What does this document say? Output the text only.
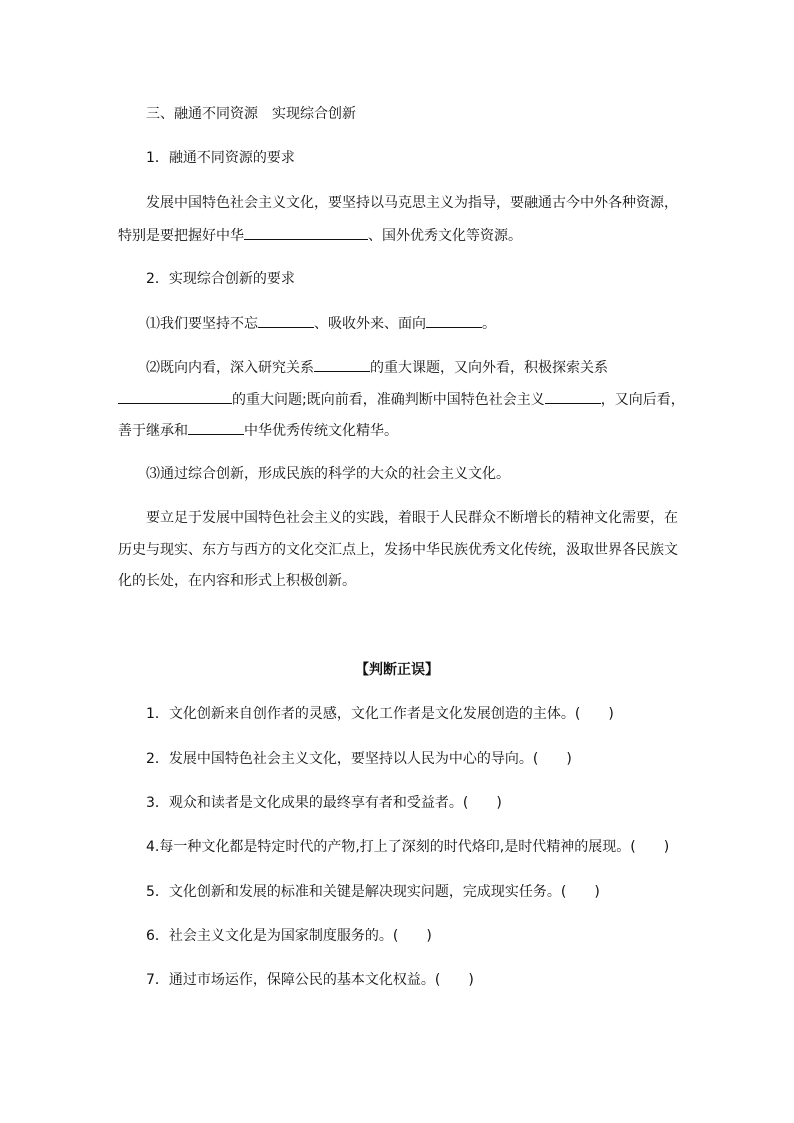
三、融通不同资源　实现综合创新
1．融通不同资源的要求
发展中国特色社会主义文化，要坚持以马克思主义为指导，要融通古今中外各种资源，
特别是要把握好中华	、国外优秀文化等资源。
2．实现综合创新的要求
⑴我们要坚持不忘	、吸收外来、面向	。
⑵既向内看，深入研究关系	的重大课题，又向外看，积极探索关系
的重大问题;既向前看，准确判断中国特色社会主义	，又向后看，
善于继承和	中华优秀传统文化精华。
⑶通过综合创新，形成民族的科学的大众的社会主义文化。
要立足于发展中国特色社会主义的实践，着眼于人民群众不断增长的精神文化需要，在
历史与现实、东方与西方的文化交汇点上，发扬中华民族优秀文化传统，汲取世界各民族文
化的长处，在内容和形式上积极创新。
【判断正误】
1．文化创新来自创作者的灵感，文化工作者是文化发展创造的主体。(　　)
2．发展中国特色社会主义文化，要坚持以人民为中心的导向。(　　)
3．观众和读者是文化成果的最终享有者和受益者。(　　)
4.每一种文化都是特定时代的产物,打上了深刻的时代烙印,是时代精神的展现。(　　)
5．文化创新和发展的标准和关键是解决现实问题，完成现实任务。(　　)
6．社会主义文化是为国家制度服务的。(　　)
7．通过市场运作，保障公民的基本文化权益。(　　)
